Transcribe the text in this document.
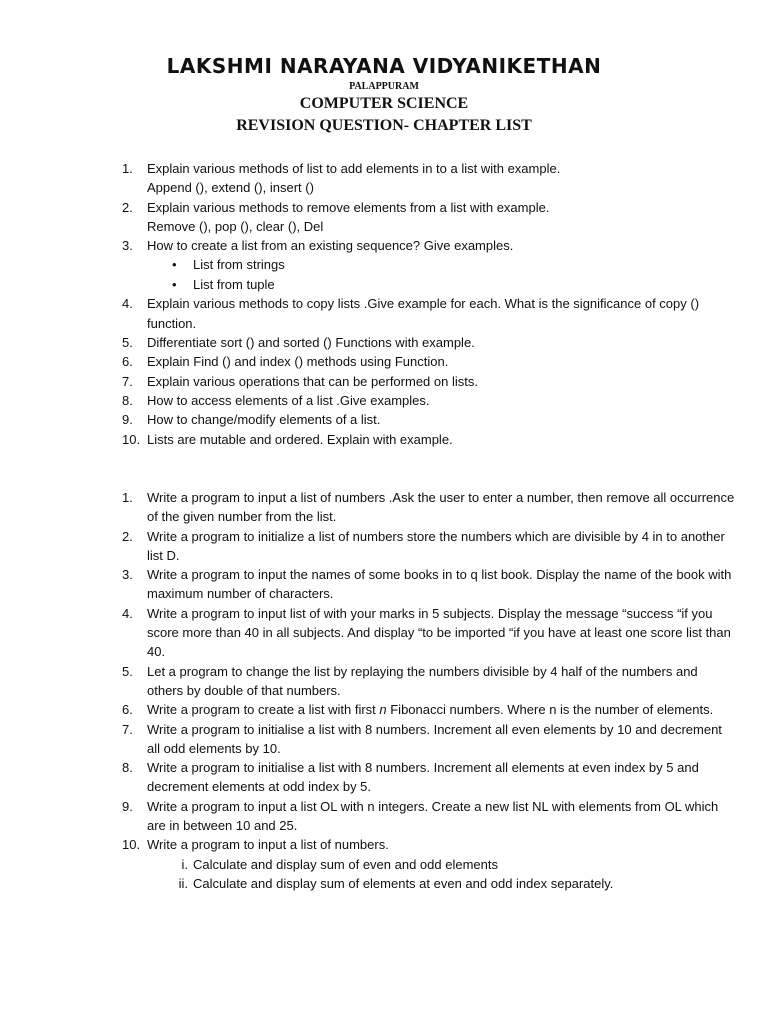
LAKSHMI NARAYANA VIDYANIKETHAN

PALAPPURAM

COMPUTER SCIENCE

REVISION QUESTION- CHAPTER LIST

1.	Explain various methods of list to add elements in to a list with example.
Append (), extend (), insert ()
2.	Explain various methods to remove elements from a list with example.
Remove (), pop (), clear (), Del
3.	How to create a list from an existing sequence? Give examples.
•	List from strings
•	List from tuple
4.	Explain various methods to copy lists .Give example for each. What is the significance of copy () function.
5.	Differentiate sort () and sorted () Functions with example.
6.	Explain Find () and index () methods using Function.
7.	Explain various operations that can be performed on lists.
8.	How to access elements of a list .Give examples.
9.	How to change/modify elements of a list.
10. Lists are mutable and ordered. Explain with example.
1.	Write a program to input a list of numbers .Ask the user to enter a number, then remove all occurrence of the given number from the list.
2.	Write a program to initialize a list of numbers store the numbers which are divisible by 4 in to another list D.
3.	Write a program to input the names of some books in to q list book. Display the name of the book with maximum number of characters.
4.	Write a program to input list of with your marks in 5 subjects. Display the message “success “if you score more than 40 in all subjects. And display “to be imported “if you have at least one score list than 40.
5.	Let a program to change the list by replaying the numbers divisible by 4 half of the numbers and others by double of that numbers.
6.	Write a program to create a list with first n Fibonacci numbers. Where n is the number of elements.
7.	Write a program to initialise a list with 8 numbers. Increment all even elements by 10 and decrement all odd elements by 10.
8.	Write a program to initialise a list with 8 numbers. Increment all elements at even index by 5 and decrement elements at odd index by 5.
9.	Write a program to input a list OL with n integers. Create a new list NL with elements from OL which are in between 10 and 25.
10. Write a program to input a list of numbers.
i. Calculate and display sum of even and odd elements
ii. Calculate and display sum of elements at even and odd index separately.
